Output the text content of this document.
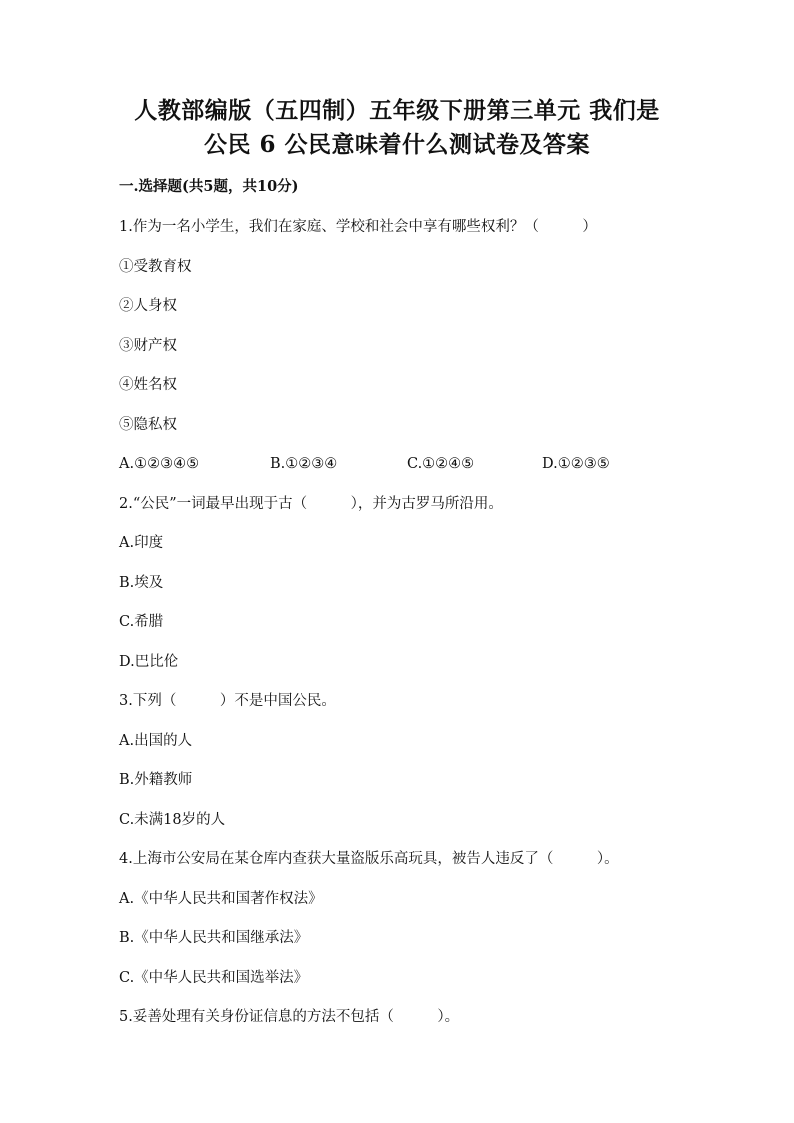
人教部编版（五四制）五年级下册第三单元 我们是
公民 6 公民意味着什么测试卷及答案
一.选择题(共5题，共10分)
1.作为一名小学生，我们在家庭、学校和社会中享有哪些权利？（　　　）
①受教育权
②人身权
③财产权
④姓名权
⑤隐私权
A.①②③④⑤	B.①②③④	C.①②④⑤	D.①②③⑤
2.“公民”一词最早出现于古（　　　），并为古罗马所沿用。
A.印度
B.埃及
C.希腊
D.巴比伦
3.下列（　　　）不是中国公民。
A.出国的人
B.外籍教师
C.未满18岁的人
4.上海市公安局在某仓库内查获大量盗版乐高玩具，被告人违反了（　　　）。
A.《中华人民共和国著作权法》
B.《中华人民共和国继承法》
C.《中华人民共和国选举法》
5.妥善处理有关身份证信息的方法不包括（　　　）。
